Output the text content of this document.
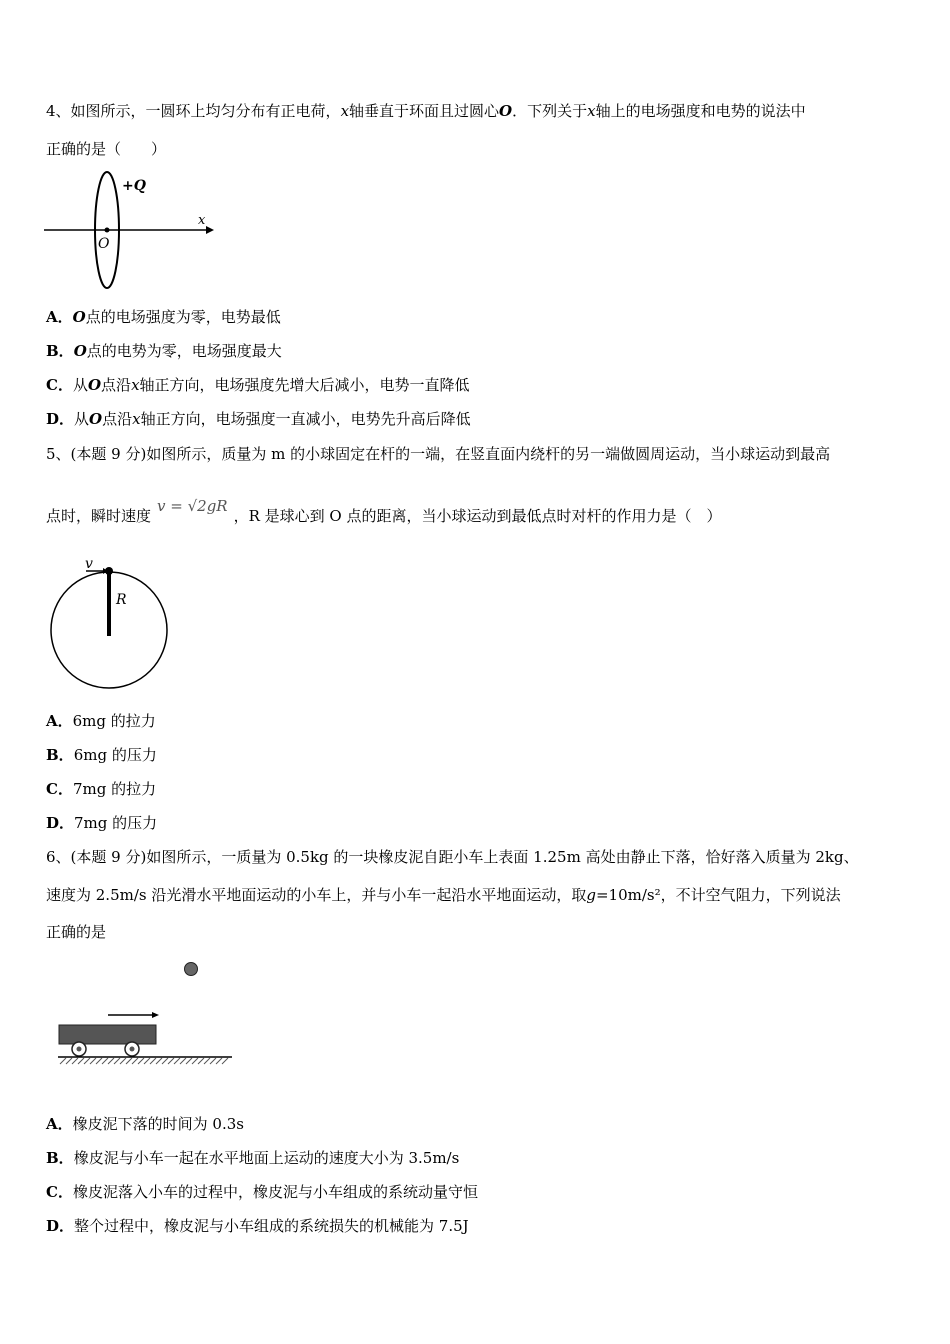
4、如图所示，一圆环上均匀分布有正电荷，x轴垂直于环面且过圆心O．下列关于x轴上的电场强度和电势的说法中
正确的是（　　）
+Q
x
O
A．O点的电场强度为零，电势最低
B．O点的电势为零，电场强度最大
C．从O点沿x轴正方向，电场强度先增大后减小，电势一直降低
D．从O点沿x轴正方向，电场强度一直减小，电势先升高后降低
5、(本题 9 分)如图所示，质量为 m 的小球固定在杆的一端，在竖直面内绕杆的另一端做圆周运动，当小球运动到最高
点时，瞬时速度v = √2gR，R 是球心到 O 点的距离，当小球运动到最低点时对杆的作用力是（　）
v
R
A．6mg 的拉力
B．6mg 的压力
C．7mg 的拉力
D．7mg 的压力
6、(本题 9 分)如图所示，一质量为 0.5kg 的一块橡皮泥自距小车上表面 1.25m 高处由静止下落，恰好落入质量为 2kg、
速度为 2.5m/s 沿光滑水平地面运动的小车上，并与小车一起沿水平地面运动，取g=10m/s²，不计空气阻力，下列说法
正确的是
A．橡皮泥下落的时间为 0.3s
B．橡皮泥与小车一起在水平地面上运动的速度大小为 3.5m/s
C．橡皮泥落入小车的过程中，橡皮泥与小车组成的系统动量守恒
D．整个过程中，橡皮泥与小车组成的系统损失的机械能为 7.5J
